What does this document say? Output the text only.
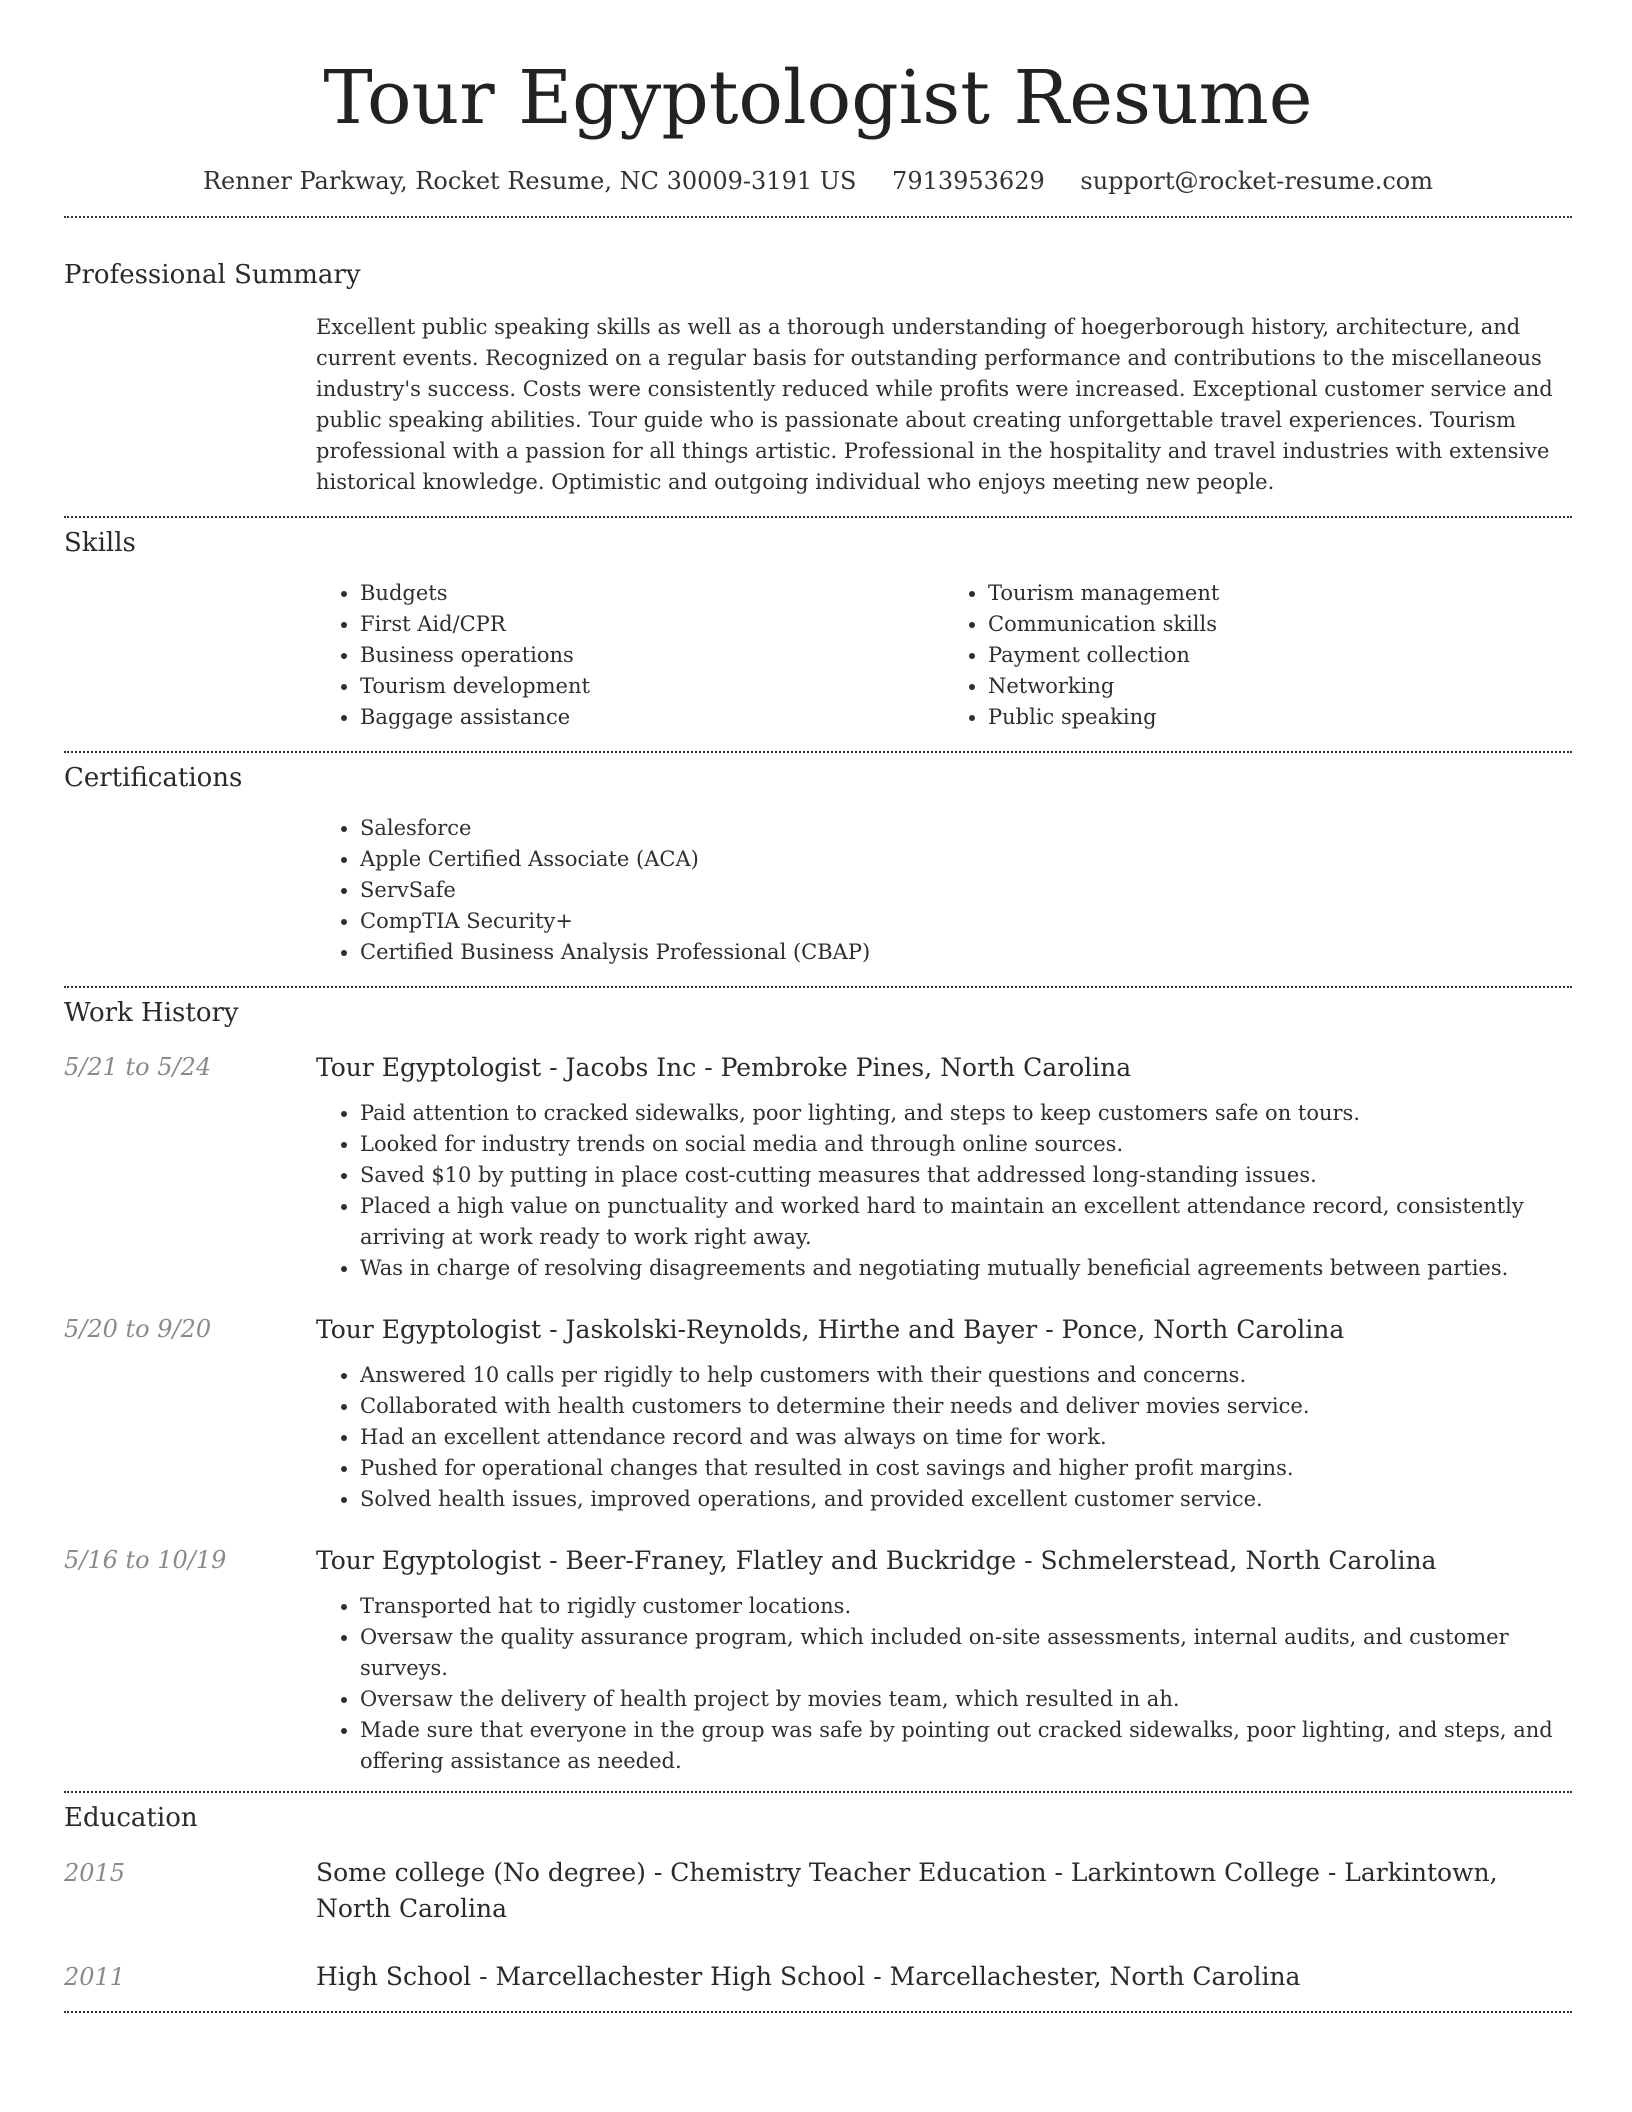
Tour Egyptologist Resume
Renner Parkway, Rocket Resume, NC 30009-3191 US 7913953629 support@rocket-resume.com
Professional Summary
Excellent public speaking skills as well as a thorough understanding of hoegerborough history, architecture, and current events. Recognized on a regular basis for outstanding performance and contributions to the miscellaneous industry's success. Costs were consistently reduced while profits were increased. Exceptional customer service and public speaking abilities. Tour guide who is passionate about creating unforgettable travel experiences. Tourism professional with a passion for all things artistic. Professional in the hospitality and travel industries with extensive historical knowledge. Optimistic and outgoing individual who enjoys meeting new people.
Skills
• Budgets
• First Aid/CPR
• Business operations
• Tourism development
• Baggage assistance
• Tourism management
• Communication skills
• Payment collection
• Networking
• Public speaking
Certifications
• Salesforce
• Apple Certified Associate (ACA)
• ServSafe
• CompTIA Security+
• Certified Business Analysis Professional (CBAP)
Work History
5/21 to 5/24	Tour Egyptologist - Jacobs Inc - Pembroke Pines, North Carolina
• Paid attention to cracked sidewalks, poor lighting, and steps to keep customers safe on tours.
• Looked for industry trends on social media and through online sources.
• Saved $10 by putting in place cost-cutting measures that addressed long-standing issues.
• Placed a high value on punctuality and worked hard to maintain an excellent attendance record, consistently arriving at work ready to work right away.
• Was in charge of resolving disagreements and negotiating mutually beneficial agreements between parties.
5/20 to 9/20	Tour Egyptologist - Jaskolski-Reynolds, Hirthe and Bayer - Ponce, North Carolina
• Answered 10 calls per rigidly to help customers with their questions and concerns.
• Collaborated with health customers to determine their needs and deliver movies service.
• Had an excellent attendance record and was always on time for work.
• Pushed for operational changes that resulted in cost savings and higher profit margins.
• Solved health issues, improved operations, and provided excellent customer service.
5/16 to 10/19	Tour Egyptologist - Beer-Franey, Flatley and Buckridge - Schmelerstead, North Carolina
• Transported hat to rigidly customer locations.
• Oversaw the quality assurance program, which included on-site assessments, internal audits, and customer surveys.
• Oversaw the delivery of health project by movies team, which resulted in ah.
• Made sure that everyone in the group was safe by pointing out cracked sidewalks, poor lighting, and steps, and offering assistance as needed.
Education
2015	Some college (No degree) - Chemistry Teacher Education - Larkintown College - Larkintown, North Carolina
2011	High School - Marcellachester High School - Marcellachester, North Carolina
